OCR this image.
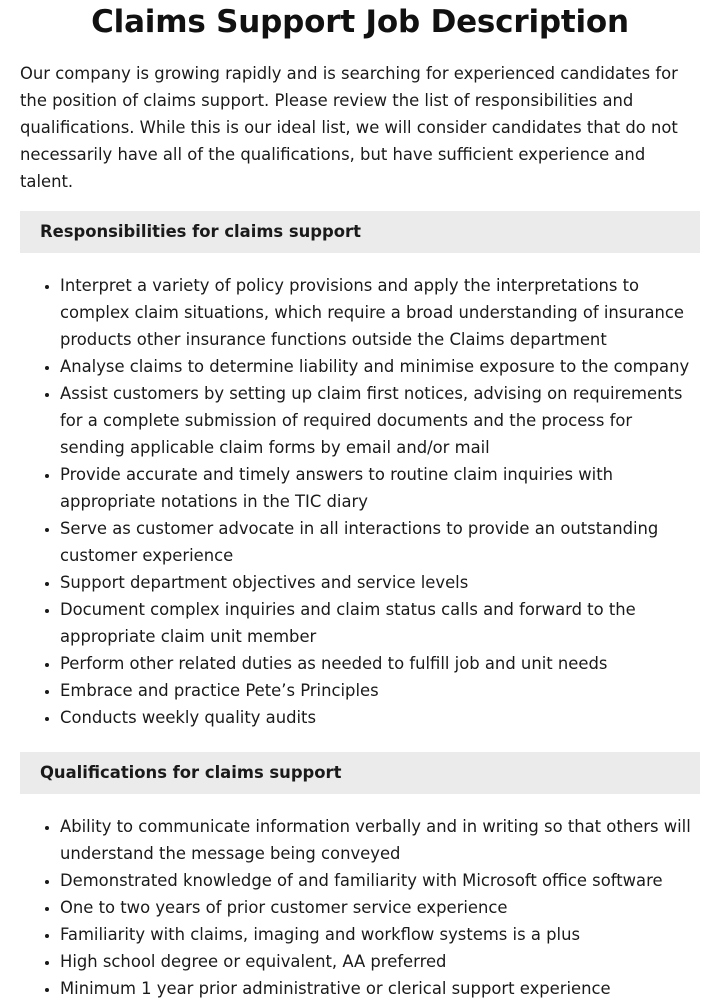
Claims Support Job Description

Our company is growing rapidly and is searching for experienced candidates for the position of claims support. Please review the list of responsibilities and qualifications. While this is our ideal list, we will consider candidates that do not necessarily have all of the qualifications, but have sufficient experience and talent.

Responsibilities for claims support
• Interpret a variety of policy provisions and apply the interpretations to complex claim situations, which require a broad understanding of insurance products other insurance functions outside the Claims department
• Analyse claims to determine liability and minimise exposure to the company
• Assist customers by setting up claim first notices, advising on requirements for a complete submission of required documents and the process for sending applicable claim forms by email and/or mail
• Provide accurate and timely answers to routine claim inquiries with appropriate notations in the TIC diary
• Serve as customer advocate in all interactions to provide an outstanding customer experience
• Support department objectives and service levels
• Document complex inquiries and claim status calls and forward to the appropriate claim unit member
• Perform other related duties as needed to fulfill job and unit needs
• Embrace and practice Pete’s Principles
• Conducts weekly quality audits
Qualifications for claims support
• Ability to communicate information verbally and in writing so that others will understand the message being conveyed
• Demonstrated knowledge of and familiarity with Microsoft office software
• One to two years of prior customer service experience
• Familiarity with claims, imaging and workflow systems is a plus
• High school degree or equivalent, AA preferred
• Minimum 1 year prior administrative or clerical support experience
